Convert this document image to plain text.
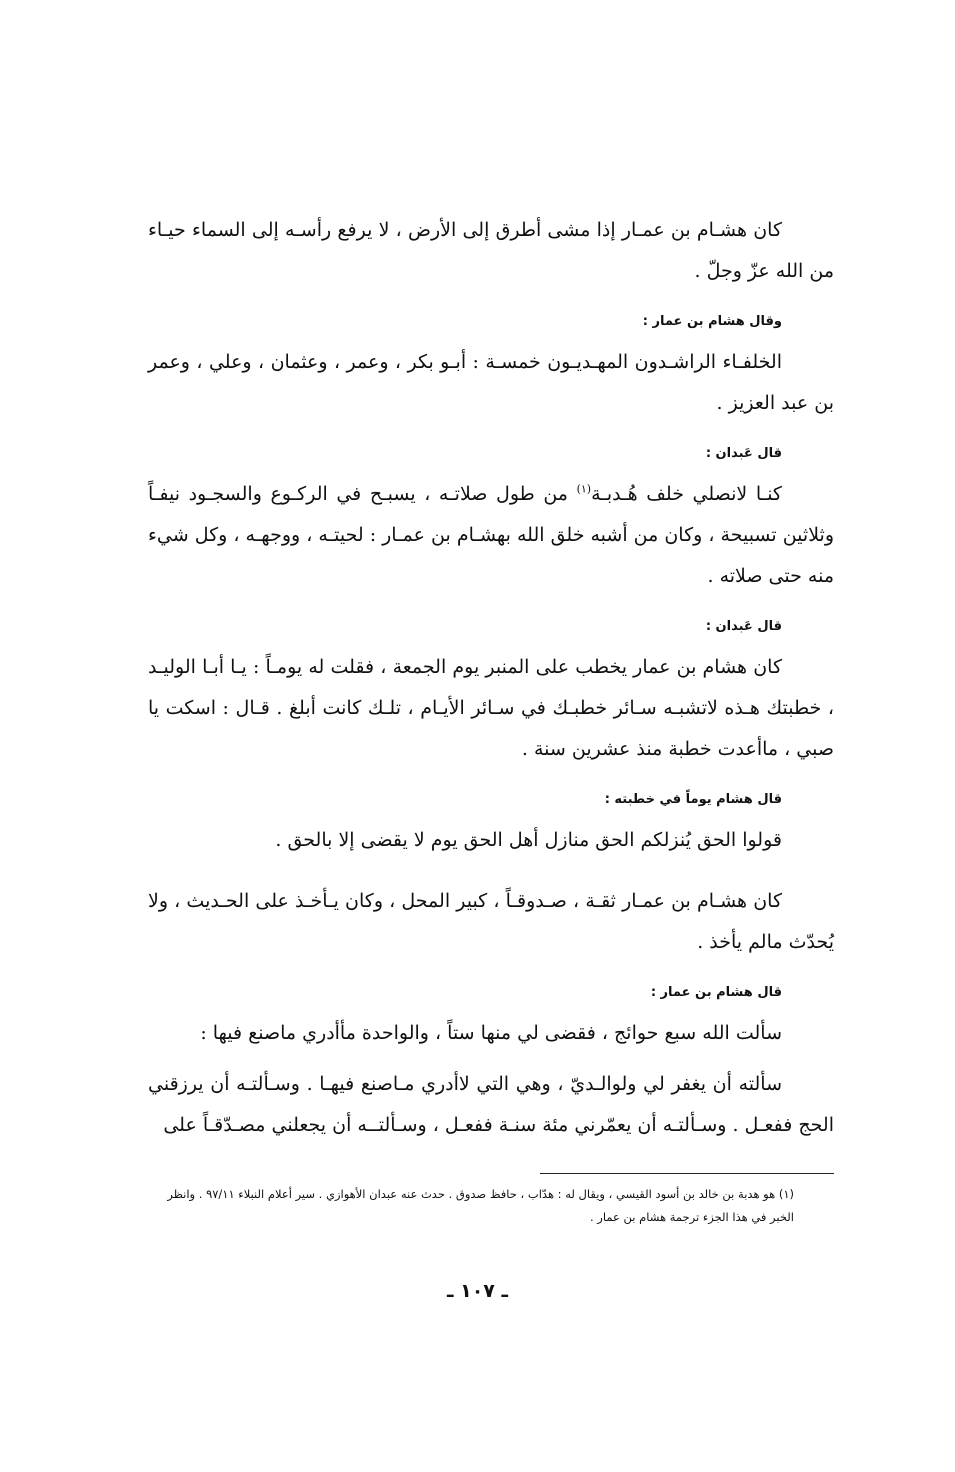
كان هشـام بن عمـار إذا مشى أطرق إلى الأرض ، لا يرفع رأسـه إلى السماء حيـاء من الله عزّ وجلّ .

وقال هشام بن عمار :

الخلفـاء الراشـدون المهـديـون خمسـة : أبـو بكر ، وعمر ، وعثمان ، وعلي ، وعمر بن عبد العزيز .

قال عَبدان :

كنـا لانصلي خلف هُـدبـة$^{(١)}$ من طول صلاتـه ، يسبـح في الركـوع والسجـود نيفـاً وثلاثين تسبيحة ، وكان من أشبه خلق الله بهشـام بن عمـار : لحيتـه ، ووجهـه ، وكل شيء منه حتى صلاته .

قال عَبدان :

كان هشام بن عمار يخطب على المنبر يوم الجمعة ، فقلت له يومـاً : يـا أبـا الوليـد ، خطبتك هـذه لاتشبـه سـائر خطبـك في سـائر الأيـام ، تلـك كانت أبلغ . قـال : اسكت يا صبي ، ماأعدت خطبة منذ عشرين سنة .

قال هشام يوماً في خطبته :

قولوا الحق يُنزلكم الحق منازل أهل الحق يوم لا يقضى إلا بالحق .

كان هشـام بن عمـار ثقـة ، صـدوقـاً ، كبير المحل ، وكان يـأخـذ على الحـديث ، ولا يُحدّث مالم يأخذ .

قال هشام بن عمار :

سألت الله سبع حوائج ، فقضى لي منها ستاً ، والواحدة مأأدري ماصنع فيها :

سألته أن يغفر لي ولوالـديّ ، وهي التي لاأدري مـاصنع فيهـا . وسـألتـه أن يرزقني الحج ففعـل . وسـألتـه أن يعمّرني مئة سنـة ففعـل ، وسـألتــه أن يجعلني مصـدّقـاً على

(١) هو هدبة بن خالد بن أسود القيسي ، ويقال له : هدّاب ، حافظ صدوق . حدث عنه عبدان الأهوازي . سير أعلام النبلاء ٩٧/١١ . وانظر الخبر في هذا الجزء ترجمة هشام بن عمار .

ـ ١٠٧ ـ
